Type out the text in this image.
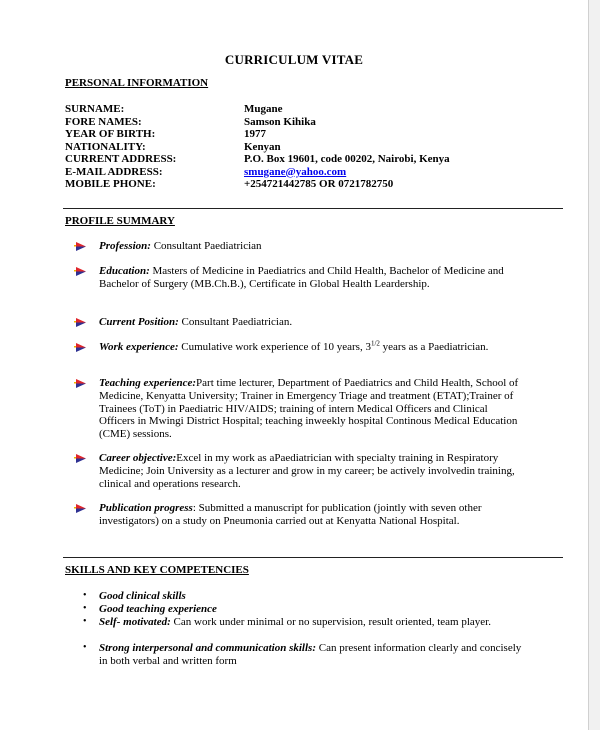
CURRICULUM VITAE
PERSONAL INFORMATION
SURNAME:	Mugane
FORE NAMES:	Samson Kihika
YEAR OF BIRTH:	1977
NATIONALITY:	Kenyan
CURRENT ADDRESS:	P.O. Box 19601, code 00202, Nairobi, Kenya
E-MAIL ADDRESS:	smugane@yahoo.com
MOBILE PHONE:	+254721442785 OR 0721782750
PROFILE SUMMARY
Profession: Consultant Paediatrician
Education: Masters of Medicine in Paediatrics and Child Health, Bachelor of Medicine and Bachelor of Surgery (MB.Ch.B.), Certificate in Global Health Leardership.
Current Position: Consultant Paediatrician.
Work experience: Cumulative work experience of 10 years, $3^{1/2}$ years as a Paediatrician.
Teaching experience:Part time lecturer, Department of Paediatrics and Child Health, School of Medicine, Kenyatta University; Trainer in Emergency Triage and treatment (ETAT);Trainer of Trainees (ToT) in Paediatric HIV/AIDS; training of intern Medical Officers and Clinical Officers in Mwingi District Hospital; teaching inweekly hospital Continous Medical Education (CME) sessions.
Career objective:Excel in my work as aPaediatrician with specialty training in Respiratory Medicine; Join University as a lecturer and grow in my career; be actively involvedin training, clinical and operations research.
Publication progress: Submitted a manuscript for publication (jointly with seven other investigators) on a study on Pneumonia carried out at Kenyatta National Hospital.
SKILLS AND KEY COMPETENCIES
• Good clinical skills
• Good teaching experience
• Self- motivated: Can work under minimal or no supervision, result oriented, team player.
• Strong interpersonal and communication skills: Can present information clearly and concisely in both verbal and written form
